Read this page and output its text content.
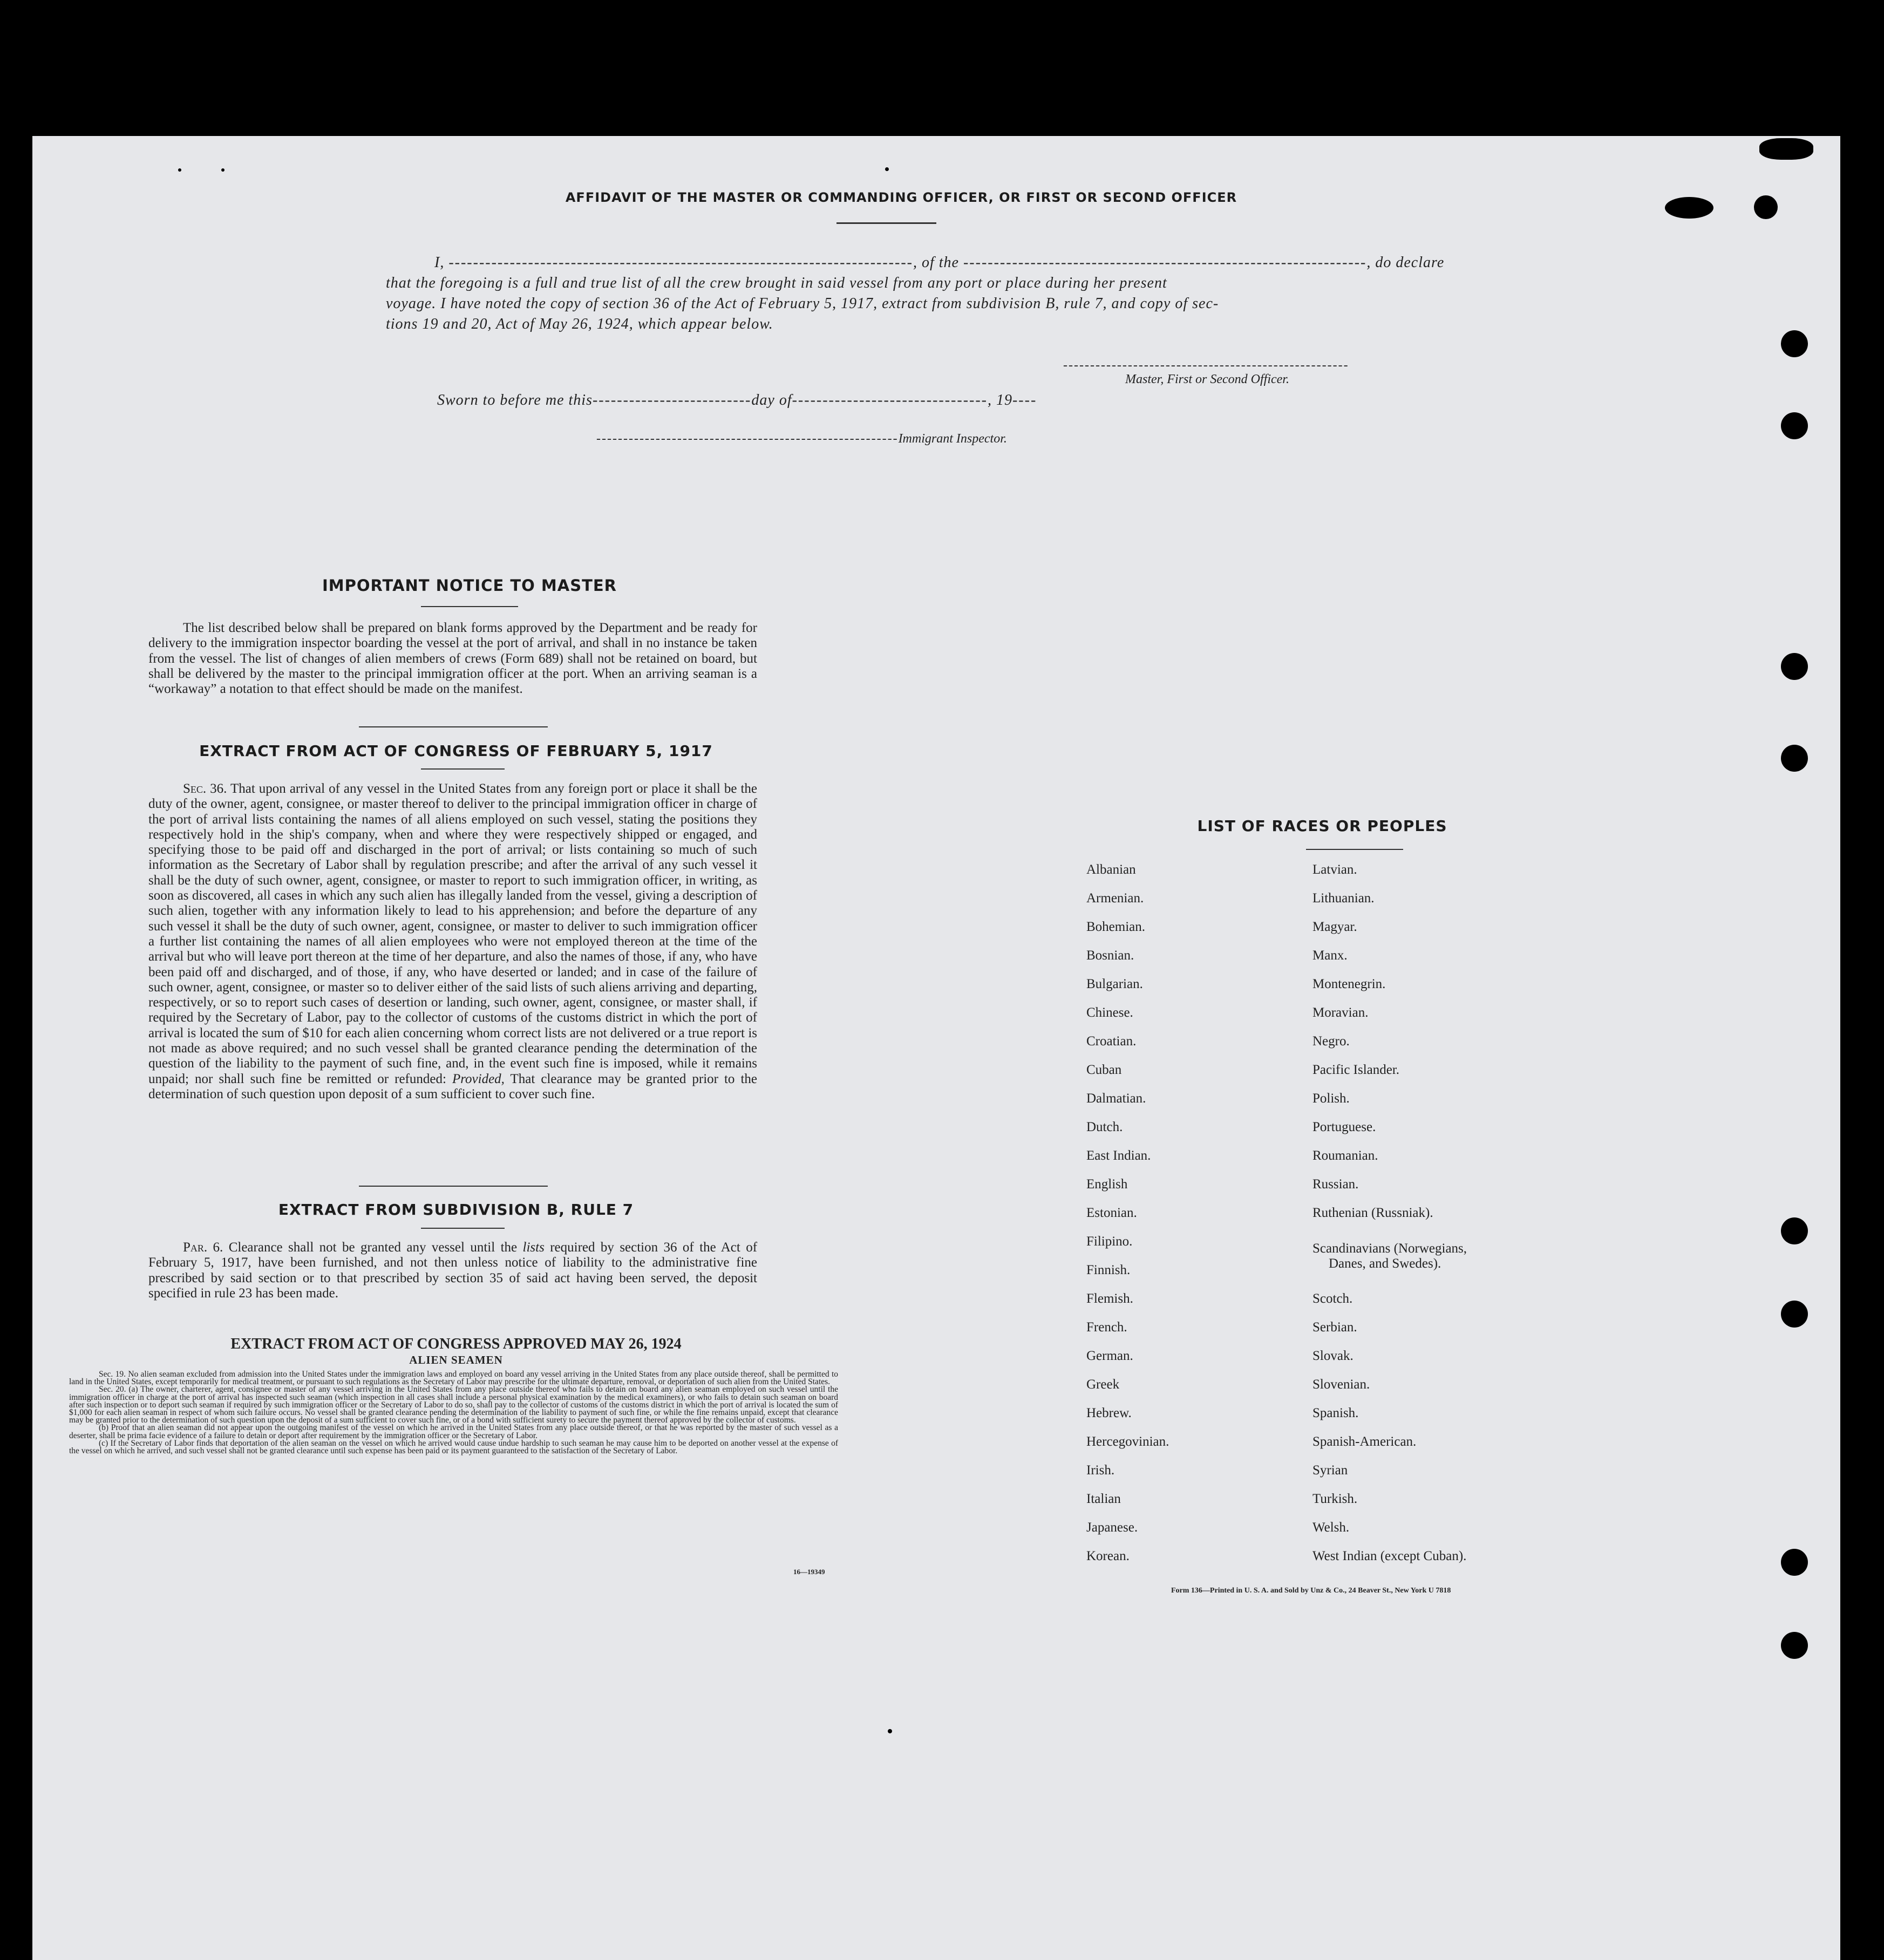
AFFIDAVIT OF THE MASTER OR COMMANDING OFFICER, OR FIRST OR SECOND OFFICER
I, ----------------------------------------------------------------------------, of the ------------------------------------------------------------------, do declare
that the foregoing is a full and true list of all the crew brought in said vessel from any port or place during her present
voyage. I have noted the copy of section 36 of the Act of February 5, 1917, extract from subdivision B, rule 7, and copy of sec-
tions 19 and 20, Act of May 26, 1924, which appear below.
-----------------------------------------------------
Master, First or Second Officer.
Sworn to before me this--------------------------day of--------------------------------, 19----
--------------------------------------------------------Immigrant Inspector.
IMPORTANT NOTICE TO MASTER
The list described below shall be prepared on blank forms approved by the Department and be ready for delivery to the immigration inspector boarding the vessel at the port of arrival, and shall in no instance be taken from the vessel. The list of changes of alien members of crews (Form 689) shall not be retained on board, but shall be delivered by the master to the principal immigration officer at the port. When an arriving seaman is a “workaway” a notation to that effect should be made on the manifest.
EXTRACT FROM ACT OF CONGRESS OF FEBRUARY 5, 1917
Sec. 36. That upon arrival of any vessel in the United States from any foreign port or place it shall be the duty of the owner, agent, consignee, or master thereof to deliver to the principal immigration officer in charge of the port of arrival lists containing the names of all aliens employed on such vessel, stating the positions they respectively hold in the ship's company, when and where they were respectively shipped or engaged, and specifying those to be paid off and discharged in the port of arrival; or lists containing so much of such information as the Secretary of Labor shall by regulation prescribe; and after the arrival of any such vessel it shall be the duty of such owner, agent, consignee, or master to report to such immigration officer, in writing, as soon as discovered, all cases in which any such alien has illegally landed from the vessel, giving a description of such alien, together with any information likely to lead to his apprehension; and before the departure of any such vessel it shall be the duty of such owner, agent, consignee, or master to deliver to such immigration officer a further list containing the names of all alien employees who were not employed thereon at the time of the arrival but who will leave port thereon at the time of her departure, and also the names of those, if any, who have been paid off and discharged, and of those, if any, who have deserted or landed; and in case of the failure of such owner, agent, consignee, or master so to deliver either of the said lists of such aliens arriving and departing, respectively, or so to report such cases of desertion or landing, such owner, agent, consignee, or master shall, if required by the Secretary of Labor, pay to the collector of customs of the customs district in which the port of arrival is located the sum of $10 for each alien concerning whom correct lists are not delivered or a true report is not made as above required; and no such vessel shall be granted clearance pending the determination of the question of the liability to the payment of such fine, and, in the event such fine is imposed, while it remains unpaid; nor shall such fine be remitted or refunded: Provided, That clearance may be granted prior to the determination of such question upon deposit of a sum sufficient to cover such fine.
EXTRACT FROM SUBDIVISION B, RULE 7
Par. 6. Clearance shall not be granted any vessel until the lists required by section 36 of the Act of February 5, 1917, have been furnished, and not then unless notice of liability to the administrative fine prescribed by said section or to that prescribed by section 35 of said act having been served, the deposit specified in rule 23 has been made.
EXTRACT FROM ACT OF CONGRESS APPROVED MAY 26, 1924
ALIEN SEAMEN
Sec. 19. No alien seaman excluded from admission into the United States under the immigration laws and employed on board any vessel arriving in the United States from any place outside thereof, shall be permitted to land in the United States, except temporarily for medical treatment, or pursuant to such regulations as the Secretary of Labor may prescribe for the ultimate departure, removal, or deportation of such alien from the United States.
Sec. 20. (a) The owner, charterer, agent, consignee or master of any vessel arriving in the United States from any place outside thereof who fails to detain on board any alien seaman employed on such vessel until the immigration officer in charge at the port of arrival has inspected such seaman (which inspection in all cases shall include a personal physical examination by the medical examiners), or who fails to detain such seaman on board after such inspection or to deport such seaman if required by such immigration officer or the Secretary of Labor to do so, shall pay to the collector of customs of the customs district in which the port of arrival is located the sum of $1,000 for each alien seaman in respect of whom such failure occurs. No vessel shall be granted clearance pending the determination of the liability to payment of such fine, or while the fine remains unpaid, except that clearance may be granted prior to the determination of such question upon the deposit of a sum sufficient to cover such fine, or of a bond with sufficient surety to secure the payment thereof approved by the collector of customs.
(b) Proof that an alien seaman did not appear upon the outgoing manifest of the vessel on which he arrived in the United States from any place outside thereof, or that he was reported by the master of such vessel as a deserter, shall be prima facie evidence of a failure to detain or deport after requirement by the immigration officer or the Secretary of Labor.
(c) If the Secretary of Labor finds that deportation of the alien seaman on the vessel on which he arrived would cause undue hardship to such seaman he may cause him to be deported on another vessel at the expense of the vessel on which he arrived, and such vessel shall not be granted clearance until such expense has been paid or its payment guaranteed to the satisfaction of the Secretary of Labor.
16—19349
LIST OF RACES OR PEOPLES
Albanian
Armenian.
Bohemian.
Bosnian.
Bulgarian.
Chinese.
Croatian.
Cuban
Dalmatian.
Dutch.
East Indian.
English
Estonian.
Filipino.
Finnish.
Flemish.
French.
German.
Greek
Hebrew.
Hercegovinian.
Irish.
Italian
Japanese.
Korean.
Latvian.
Lithuanian.
Magyar.
Manx.
Montenegrin.
Moravian.
Negro.
Pacific Islander.
Polish.
Portuguese.
Roumanian.
Russian.
Ruthenian (Russniak).
Scandinavians (Norwegians,
Danes, and Swedes).
Scotch.
Serbian.
Slovak.
Slovenian.
Spanish.
Spanish-American.
Syrian
Turkish.
Welsh.
West Indian (except Cuban).
Form 136—Printed in U. S. A. and Sold by Unz & Co., 24 Beaver St., New York U 7818
